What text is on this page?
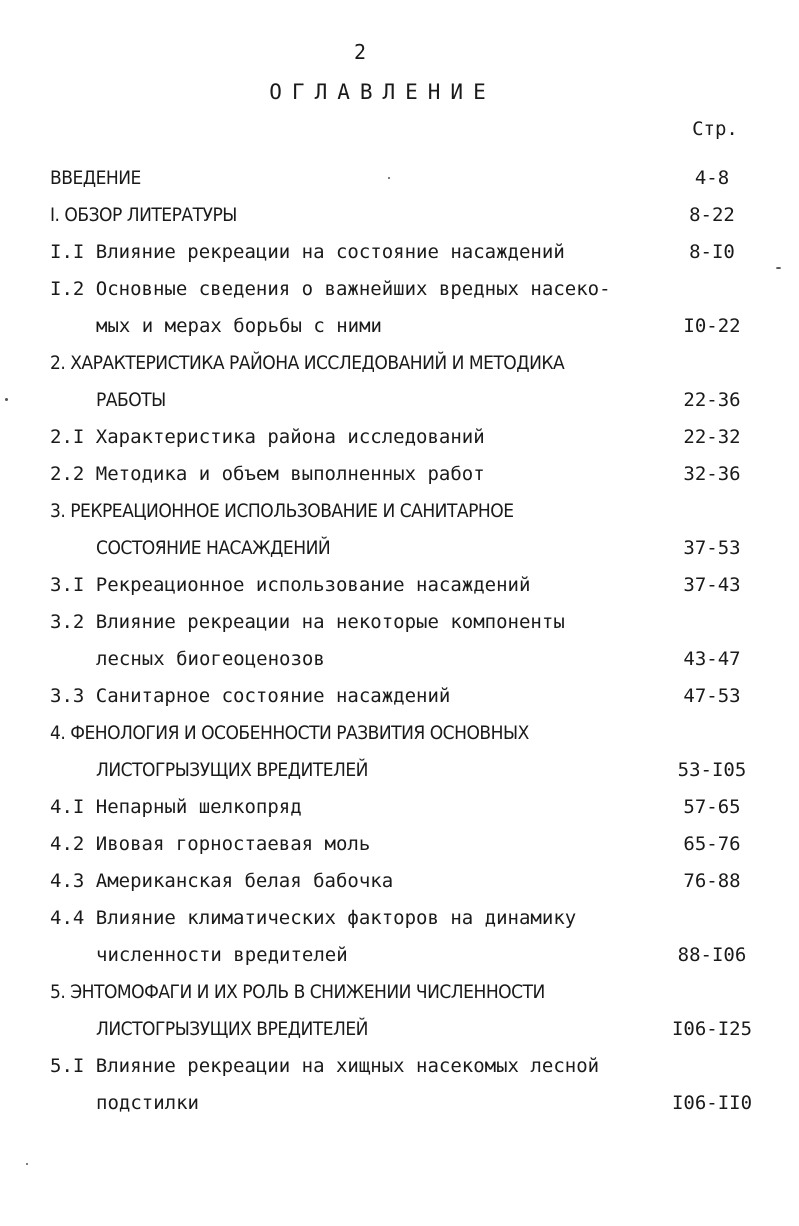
2
ОГЛАВЛЕНИЕ
Стр.
ВВЕДЕНИЕ	4-8
I. ОБЗОР ЛИТЕРАТУРЫ	8-22
I.I Влияние рекреации на состояние насаждений	8-I0
I.2 Основные сведения о важнейших вредных насеко-
мых и мерах борьбы с ними	I0-22
2. ХАРАКТЕРИСТИКА РАЙОНА ИССЛЕДОВАНИЙ И МЕТОДИКА
РАБОТЫ	22-36
2.I Характеристика района исследований	22-32
2.2 Методика и объем выполненных работ	32-36
3. РЕКРЕАЦИОННОЕ ИСПОЛЬЗОВАНИЕ И САНИТАРНОЕ
СОСТОЯНИЕ НАСАЖДЕНИЙ	37-53
3.I Рекреационное использование насаждений	37-43
3.2 Влияние рекреации на некоторые компоненты
лесных биогеоценозов	43-47
3.3 Санитарное состояние насаждений	47-53
4. ФЕНОЛОГИЯ И ОСОБЕННОСТИ РАЗВИТИЯ ОСНОВНЫХ
ЛИСТОГРЫЗУЩИХ ВРЕДИТЕЛЕЙ	53-I05
4.I Непарный шелкопряд	57-65
4.2 Ивовая горностаевая моль	65-76
4.3 Американская белая бабочка	76-88
4.4 Влияние климатических факторов на динамику
численности вредителей	88-I06
5. ЭНТОМОФАГИ И ИХ РОЛЬ В СНИЖЕНИИ ЧИСЛЕННОСТИ
ЛИСТОГРЫЗУЩИХ ВРЕДИТЕЛЕЙ	I06-I25
5.I Влияние рекреации на хищных насекомых лесной
подстилки	I06-II0
